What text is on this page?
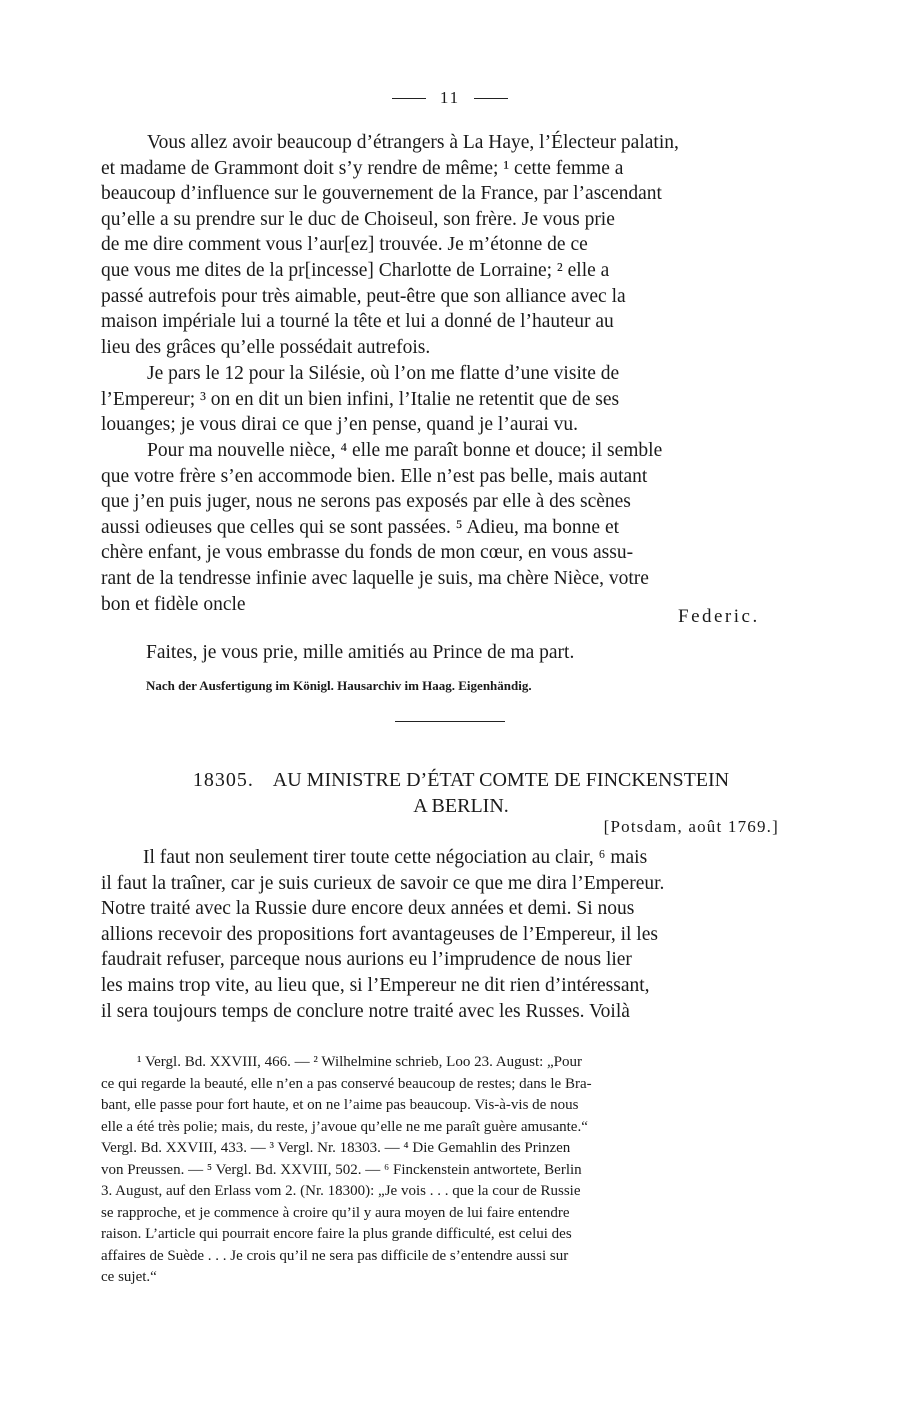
11

Vous allez avoir beaucoup d’étrangers à La Haye, l’Électeur palatin,
et madame de Grammont doit s’y rendre de même; ¹ cette femme a
beaucoup d’influence sur le gouvernement de la France, par l’ascendant
qu’elle a su prendre sur le duc de Choiseul, son frère. Je vous prie
de me dire comment vous l’aur[ez] trouvée. Je m’étonne de ce
que vous me dites de la pr[incesse] Charlotte de Lorraine; ² elle a
passé autrefois pour très aimable, peut-être que son alliance avec la
maison impériale lui a tourné la tête et lui a donné de l’hauteur au
lieu des grâces qu’elle possédait autrefois.

Je pars le 12 pour la Silésie, où l’on me flatte d’une visite de
l’Empereur; ³ on en dit un bien infini, l’Italie ne retentit que de ses
louanges; je vous dirai ce que j’en pense, quand je l’aurai vu.

Pour ma nouvelle nièce, ⁴ elle me paraît bonne et douce; il semble
que votre frère s’en accommode bien. Elle n’est pas belle, mais autant
que j’en puis juger, nous ne serons pas exposés par elle à des scènes
aussi odieuses que celles qui se sont passées. ⁵ Adieu, ma bonne et
chère enfant, je vous embrasse du fonds de mon cœur, en vous assu-
rant de la tendresse infinie avec laquelle je suis, ma chère Nièce, votre
bon et fidèle oncle

Federic.
Faites, je vous prie, mille amitiés au Prince de ma part.
Nach der Ausfertigung im Königl. Hausarchiv im Haag. Eigenhändig.
18305. AU MINISTRE D’ÉTAT COMTE DE FINCKENSTEIN
A BERLIN.
[Potsdam, août 1769.]

Il faut non seulement tirer toute cette négociation au clair, ⁶ mais
il faut la traîner, car je suis curieux de savoir ce que me dira l’Empereur.
Notre traité avec la Russie dure encore deux années et demi. Si nous
allions recevoir des propositions fort avantageuses de l’Empereur, il les
faudrait refuser, parceque nous aurions eu l’imprudence de nous lier
les mains trop vite, au lieu que, si l’Empereur ne dit rien d’intéressant,
il sera toujours temps de conclure notre traité avec les Russes. Voilà

¹ Vergl. Bd. XXVIII, 466. — ² Wilhelmine schrieb, Loo 23. August: „Pour
ce qui regarde la beauté, elle n’en a pas conservé beaucoup de restes; dans le Bra-
bant, elle passe pour fort haute, et on ne l’aime pas beaucoup. Vis-à-vis de nous
elle a été très polie; mais, du reste, j’avoue qu’elle ne me paraît guère amusante.“
Vergl. Bd. XXVIII, 433. — ³ Vergl. Nr. 18303. — ⁴ Die Gemahlin des Prinzen
von Preussen. — ⁵ Vergl. Bd. XXVIII, 502. — ⁶ Finckenstein antwortete, Berlin
3. August, auf den Erlass vom 2. (Nr. 18300): „Je vois . . . que la cour de Russie
se rapproche, et je commence à croire qu’il y aura moyen de lui faire entendre
raison. L’article qui pourrait encore faire la plus grande difficulté, est celui des
affaires de Suède . . . Je crois qu’il ne sera pas difficile de s’entendre aussi sur
ce sujet.“
